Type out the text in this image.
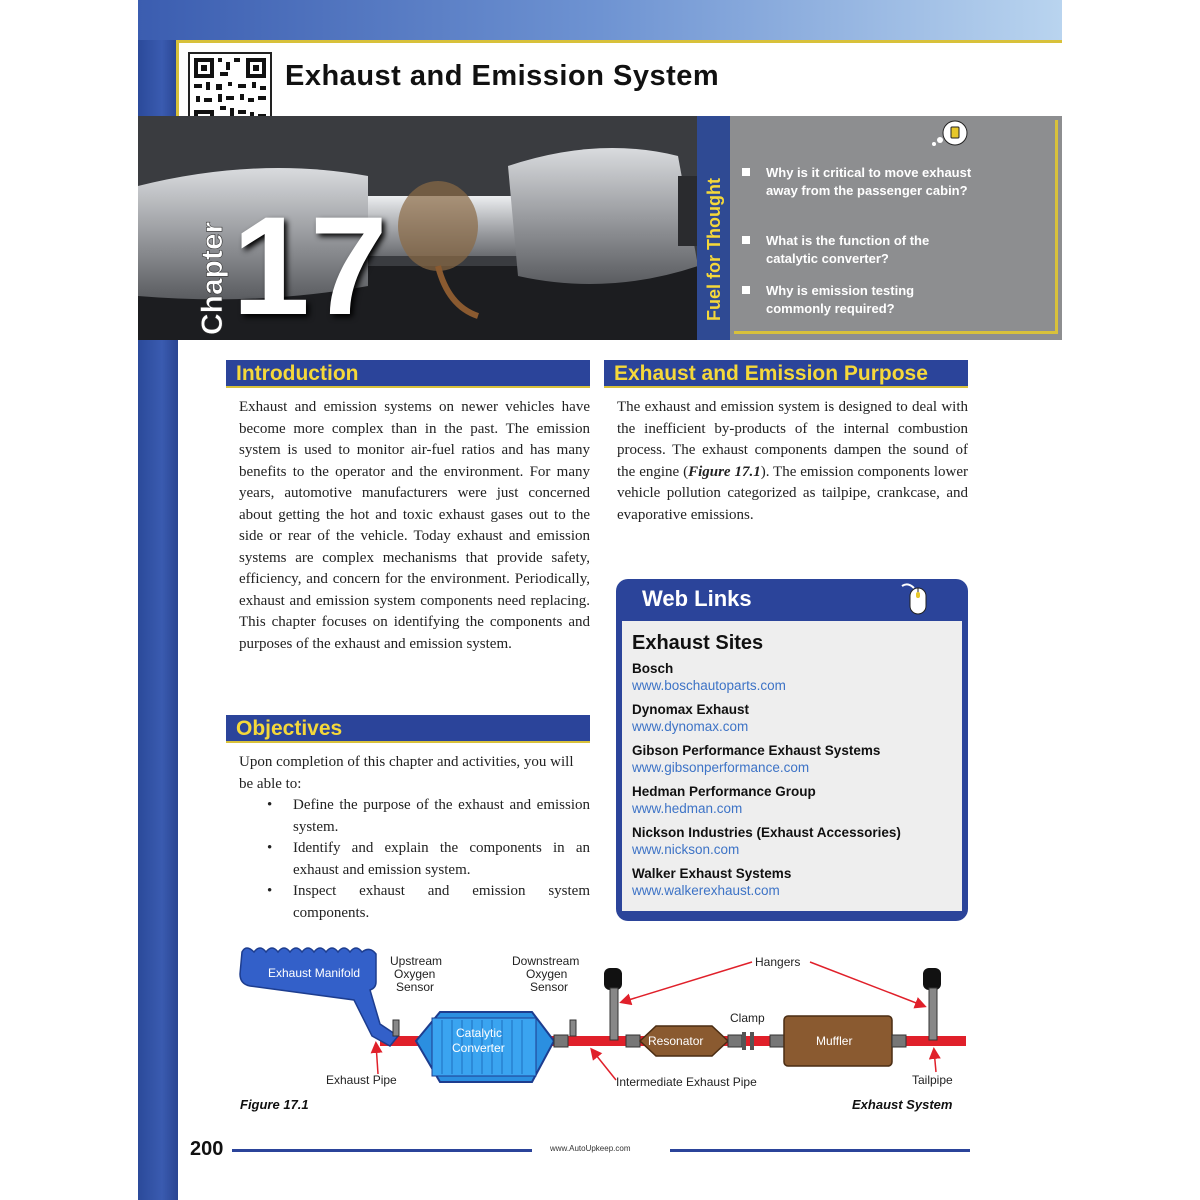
Exhaust and Emission System
Chapter 17	Fuel for Thought
Why is it critical to move exhaust away from the passenger cabin?
What is the function of the catalytic converter?
Why is emission testing commonly required?
Introduction
Exhaust and emission systems on newer vehicles have become more complex than in the past. The emission system is used to monitor air-fuel ratios and has many benefits to the operator and the environment. For many years, automotive manufacturers were just concerned about getting the hot and toxic exhaust gases out to the side or rear of the vehicle. Today exhaust and emission systems are complex mechanisms that provide safety, efficiency, and concern for the environment. Periodically, exhaust and emission system components need replacing. This chapter focuses on identifying the components and purposes of the exhaust and emission system.
Objectives
Upon completion of this chapter and activities, you will be able to:
• Define the purpose of the exhaust and emission system.
• Identify and explain the components in an exhaust and emission system.
• Inspect exhaust and emission system components.
Exhaust and Emission Purpose
The exhaust and emission system is designed to deal with the inefficient by-products of the internal combustion process. The exhaust components dampen the sound of the engine (Figure 17.1). The emission components lower vehicle pollution categorized as tailpipe, crankcase, and evaporative emissions.
Web Links
Exhaust Sites
Bosch
www.boschautoparts.com
Dynomax Exhaust
www.dynomax.com
Gibson Performance Exhaust Systems
www.gibsonperformance.com
Hedman Performance Group
www.hedman.com
Nickson Industries (Exhaust Accessories)
www.nickson.com
Walker Exhaust Systems
www.walkerexhaust.com
Exhaust Manifold
Upstream
Oxygen
Sensor
Catalytic
Converter
Downstream
Oxygen
Sensor
Hangers
Resonator
Clamp
Muffler
Exhaust Pipe	Intermediate Exhaust Pipe	Tailpipe
Figure 17.1	Exhaust System
200	www.AutoUpkeep.com
